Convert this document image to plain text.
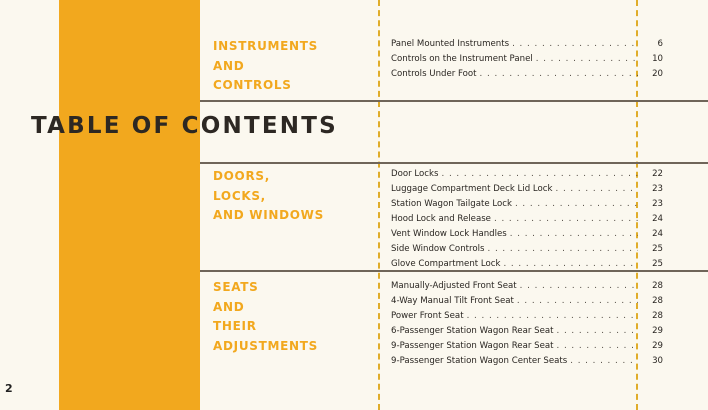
TABLE OF CONTENTS
INSTRUMENTS
AND
CONTROLS
Panel Mounted Instruments . . .	6
Controls on the Instrument Panel . . .	10
Controls Under Foot . . .	20
DOORS,
LOCKS,
AND WINDOWS
Door Locks . . .	22
Luggage Compartment Deck Lid Lock . . .	23
Station Wagon Tailgate Lock . . .	23
Hood Lock and Release . . .	24
Vent Window Lock Handles . . .	24
Side Window Controls . . .	25
Glove Compartment Lock . . .	25
SEATS
AND
THEIR
ADJUSTMENTS
Manually-Adjusted Front Seat . . .	28
4-Way Manual Tilt Front Seat . . .	28
Power Front Seat . . .	28
6-Passenger Station Wagon Rear Seat . . .	29
9-Passenger Station Wagon Rear Seat . . .	29
9-Passenger Station Wagon Center Seats . . .	30
2
